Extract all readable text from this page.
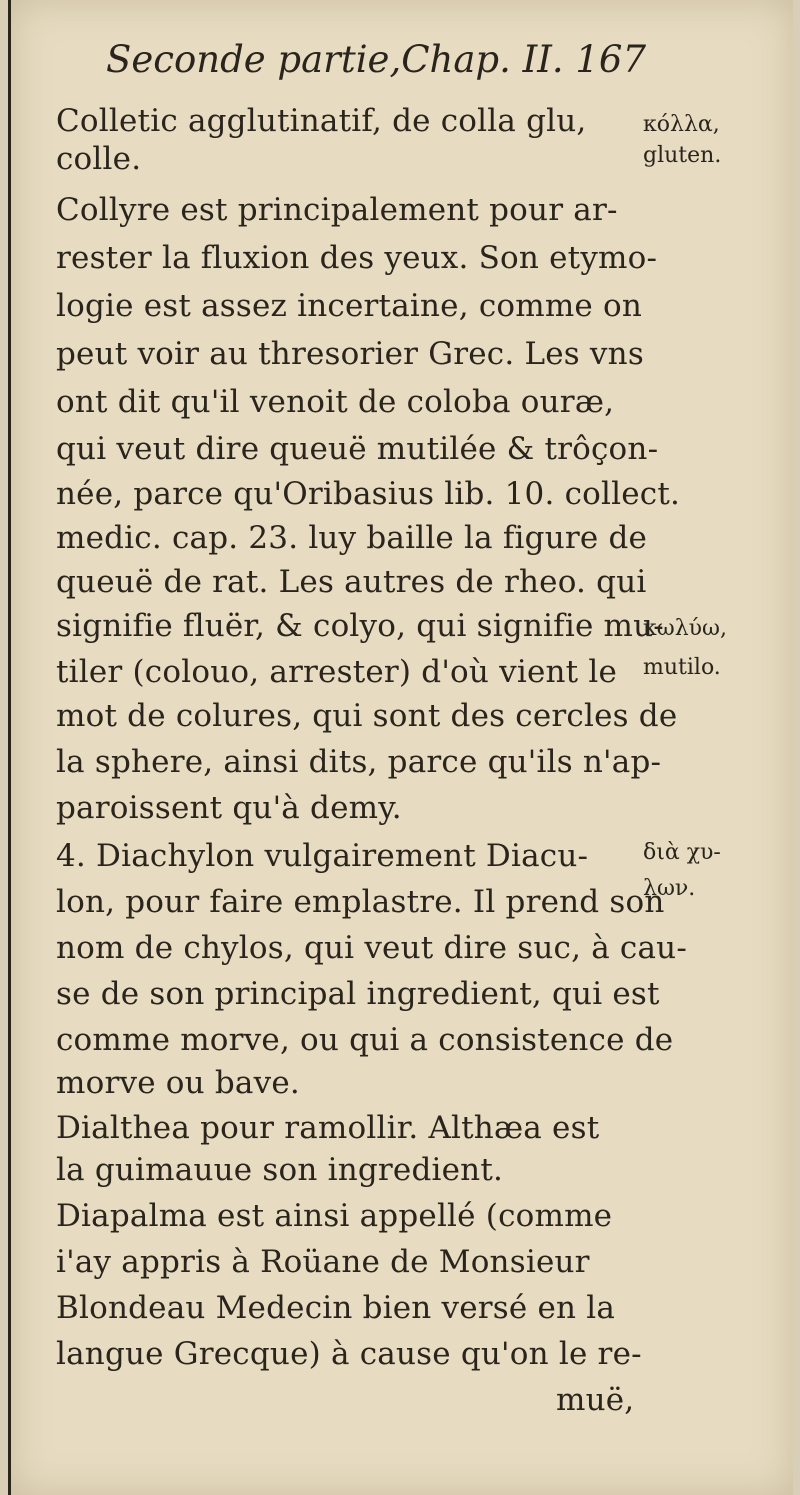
Seconde partie,Chap. II. 167
Colletic agglutinatif, de colla glu,
colle.
Collyre est principalement pour ar-
rester la fluxion des yeux. Son etymo-
logie est assez incertaine, comme on
peut voir au thresorier Grec. Les vns
ont dit qu'il venoit de coloba ouræ,
qui veut dire queuë mutilée & trôçon-
née, parce qu'Oribasius lib. 10. collect.
medic. cap. 23. luy baille la figure de
queuë de rat. Les autres de rheo. qui
signifie fluër, & colyo, qui signifie mu-
tiler (colouo, arrester) d'où vient le
mot de colures, qui sont des cercles de
la sphere, ainsi dits, parce qu'ils n'ap-
paroissent qu'à demy.
4. Diachylon vulgairement Diacu-
lon, pour faire emplastre. Il prend son
nom de chylos, qui veut dire suc, à cau-
se de son principal ingredient, qui est
comme morve, ou qui a consistence de
morve ou bave.
Dialthea pour ramollir. Althæa est
la guimauue son ingredient.
Diapalma est ainsi appellé (comme
i'ay appris à Roüane de Monsieur
Blondeau Medecin bien versé en la
langue Grecque) à cause qu'on le re-
muë,
κόλλα,
gluten.
κωλύω,
mutilo.
διὰ χυ-
λων.
